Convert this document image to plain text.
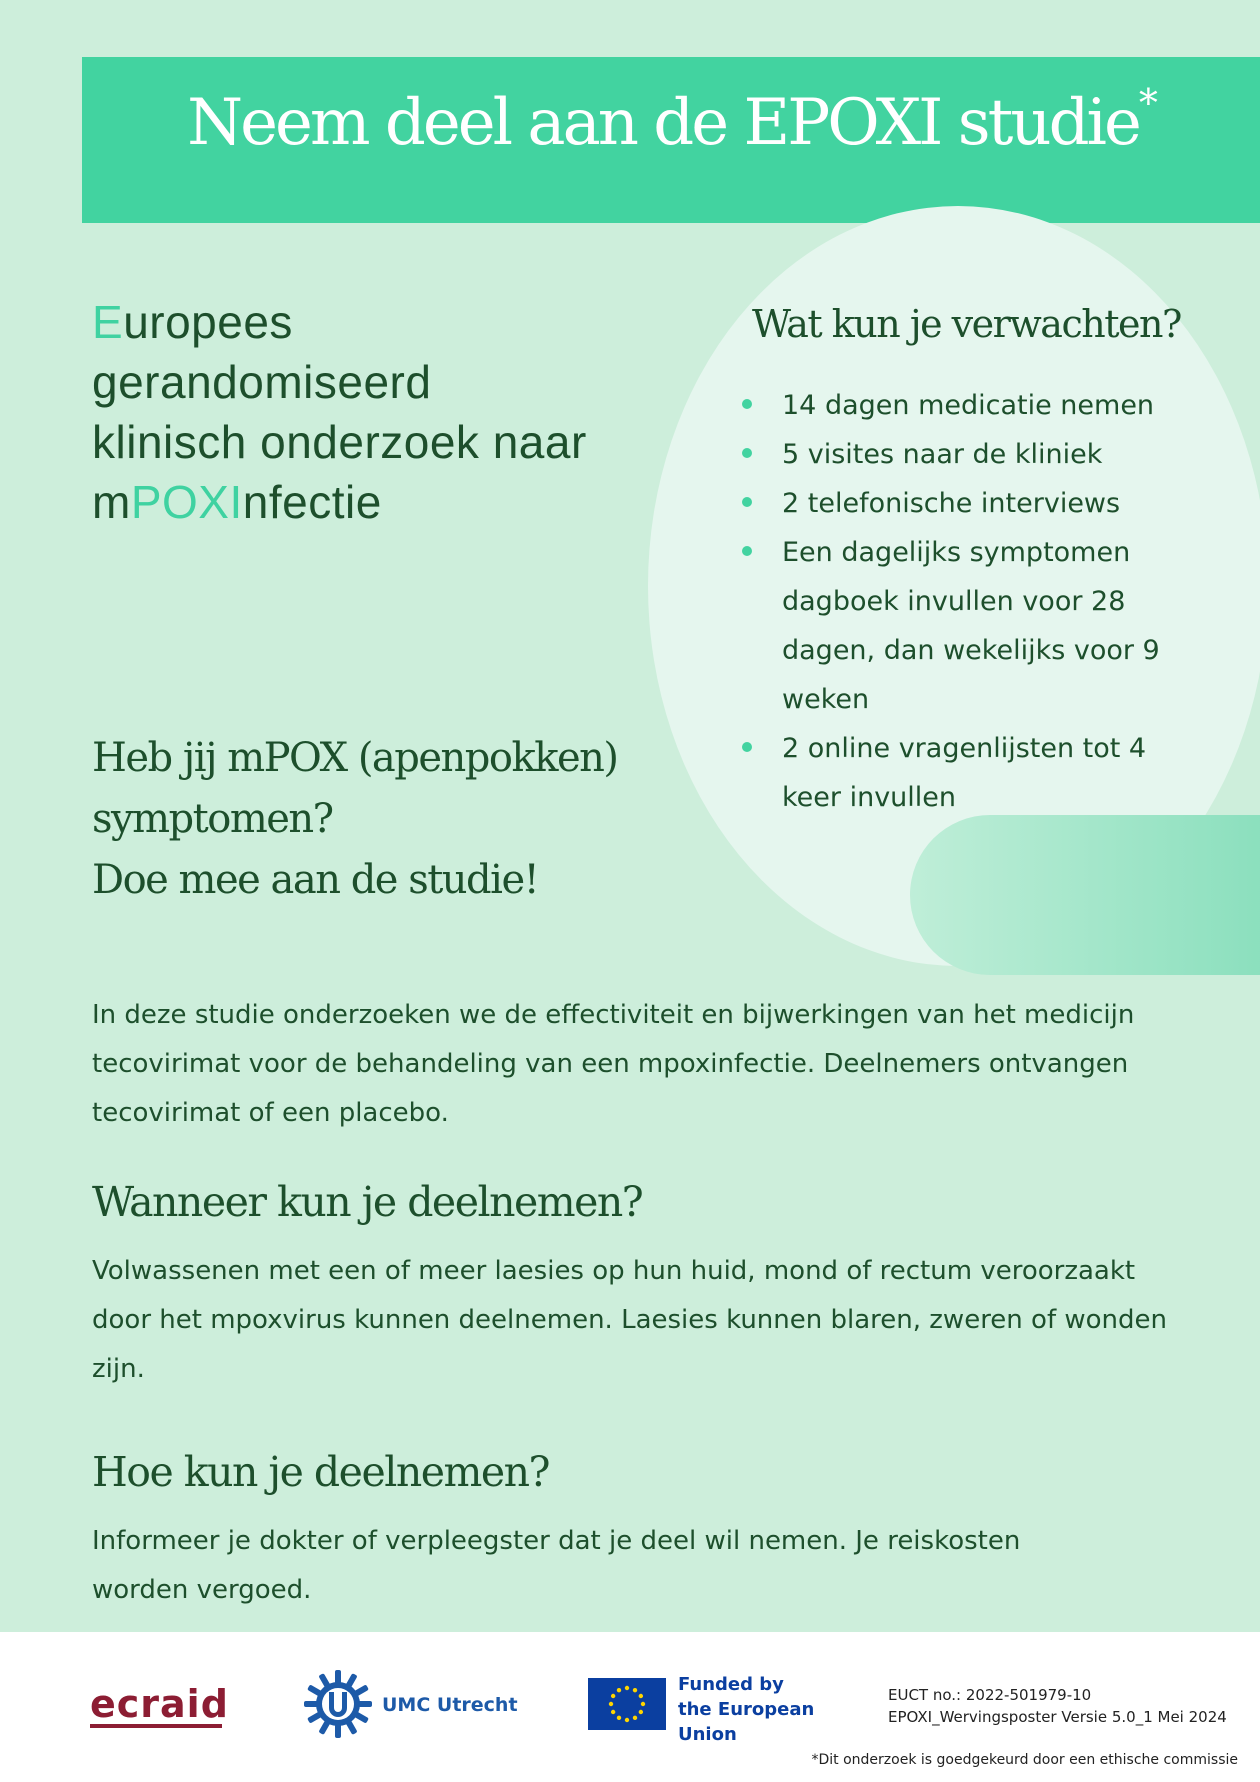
Neem deel aan de EPOXI studie*
Europees
gerandomiseerd
klinisch onderzoek naar
mPOXInfectie
Wat kun je verwachten?
14 dagen medicatie nemen
5 visites naar de kliniek
2 telefonische interviews
Een dagelijks symptomen dagboek invullen voor 28 dagen, dan wekelijks voor 9 weken
2 online vragenlijsten tot 4 keer invullen
Heb jij mPOX (apenpokken)
symptomen?
Doe mee aan de studie!

In deze studie onderzoeken we de effectiviteit en bijwerkingen van het medicijn tecovirimat voor de behandeling van een mpoxinfectie. Deelnemers ontvangen tecovirimat of een placebo.

Wanneer kun je deelnemen?

Volwassenen met een of meer laesies op hun huid, mond of rectum veroorzaakt door het mpoxvirus kunnen deelnemen. Laesies kunnen blaren, zweren of wonden zijn.

Hoe kun je deelnemen?

Informeer je dokter of verpleegster dat je deel wil nemen. Je reiskosten worden vergoed.

ecraid	UMC Utrecht
Funded by
the European Union
EUCT no.: 2022-501979-10
EPOXI_Wervingsposter Versie 5.0_1 Mei 2024
*Dit onderzoek is goedgekeurd door een ethische commissie
